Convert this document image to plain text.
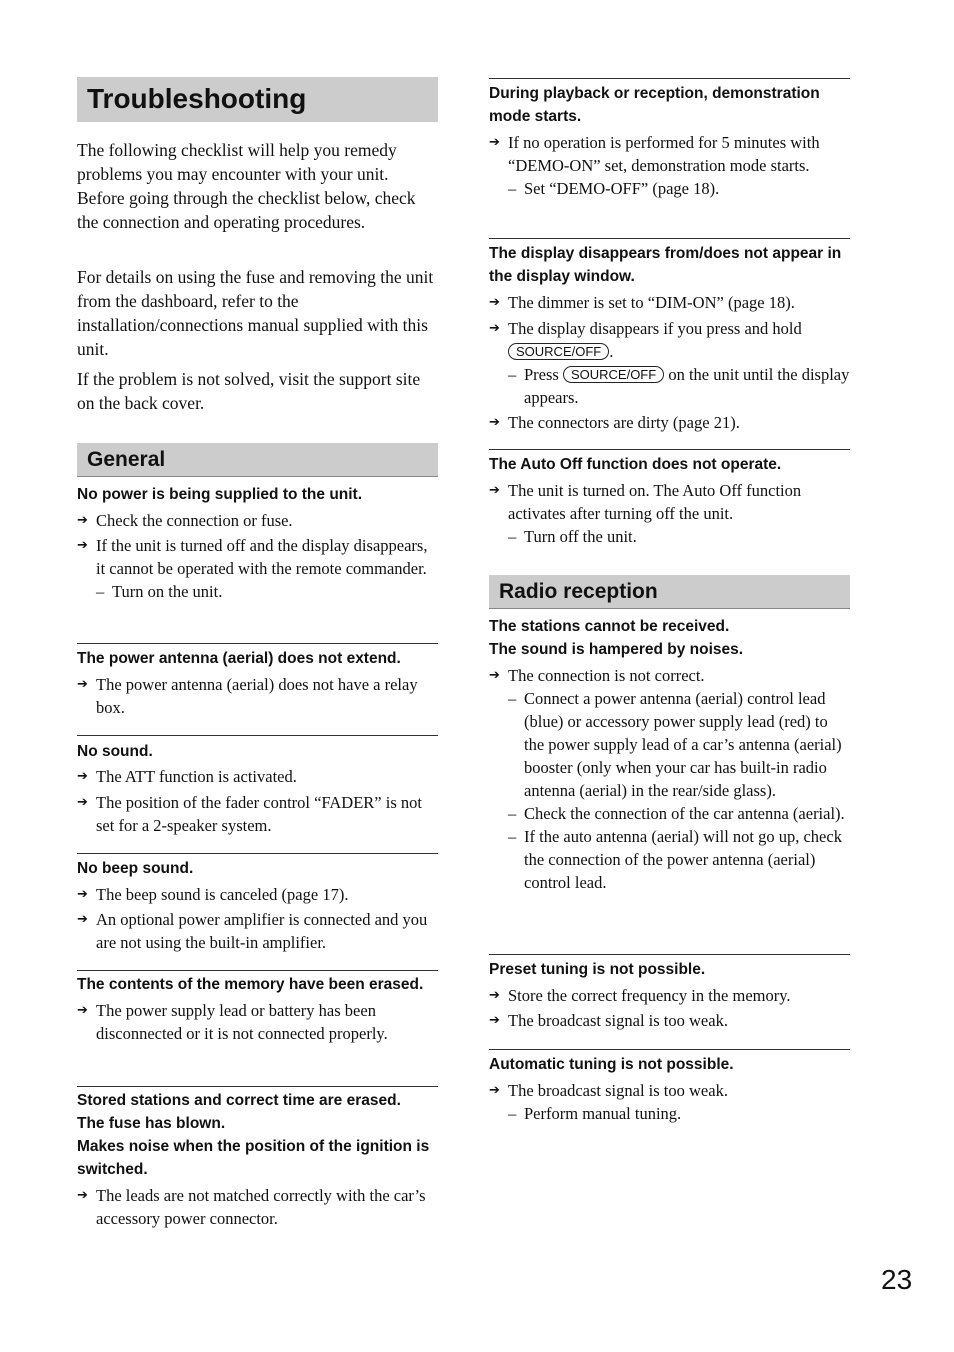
Troubleshooting

The following checklist will help you remedy problems you may encounter with your unit. Before going through the checklist below, check the connection and operating procedures.

For details on using the fuse and removing the unit from the dashboard, refer to the installation/connections manual supplied with this unit.

If the problem is not solved, visit the support site on the back cover.

General

No power is being supplied to the unit.

➔ Check the connection or fuse.

➔ If the unit is turned off and the display disappears, it cannot be operated with the remote commander.

– Turn on the unit.

The power antenna (aerial) does not extend.

➔ The power antenna (aerial) does not have a relay box.

No sound.

➔ The ATT function is activated.

➔ The position of the fader control “FADER” is not set for a 2-speaker system.

No beep sound.

➔ The beep sound is canceled (page 17).

➔ An optional power amplifier is connected and you are not using the built-in amplifier.

The contents of the memory have been erased.

➔ The power supply lead or battery has been disconnected or it is not connected properly.

Stored stations and correct time are erased.

The fuse has blown.

Makes noise when the position of the ignition is switched.

➔ The leads are not matched correctly with the car’s accessory power connector.

During playback or reception, demonstration mode starts.

➔ If no operation is performed for 5 minutes with “DEMO-ON” set, demonstration mode starts.

– Set “DEMO-OFF” (page 18).

The display disappears from/does not appear in the display window.

➔ The dimmer is set to “DIM-ON” (page 18).

➔ The display disappears if you press and hold
SOURCE/OFF .

– Press SOURCE/OFF on the unit until the display appears.

➔ The connectors are dirty (page 21).

The Auto Off function does not operate.

➔ The unit is turned on. The Auto Off function activates after turning off the unit.

– Turn off the unit.

Radio reception

The stations cannot be received.

The sound is hampered by noises.

➔ The connection is not correct.

– Connect a power antenna (aerial) control lead (blue) or accessory power supply lead (red) to the power supply lead of a car’s antenna (aerial) booster (only when your car has built-in radio antenna (aerial) in the rear/side glass).

– Check the connection of the car antenna (aerial).

– If the auto antenna (aerial) will not go up, check the connection of the power antenna (aerial) control lead.

Preset tuning is not possible.

➔ Store the correct frequency in the memory.

➔ The broadcast signal is too weak.

Automatic tuning is not possible.

➔ The broadcast signal is too weak.

– Perform manual tuning.

23
